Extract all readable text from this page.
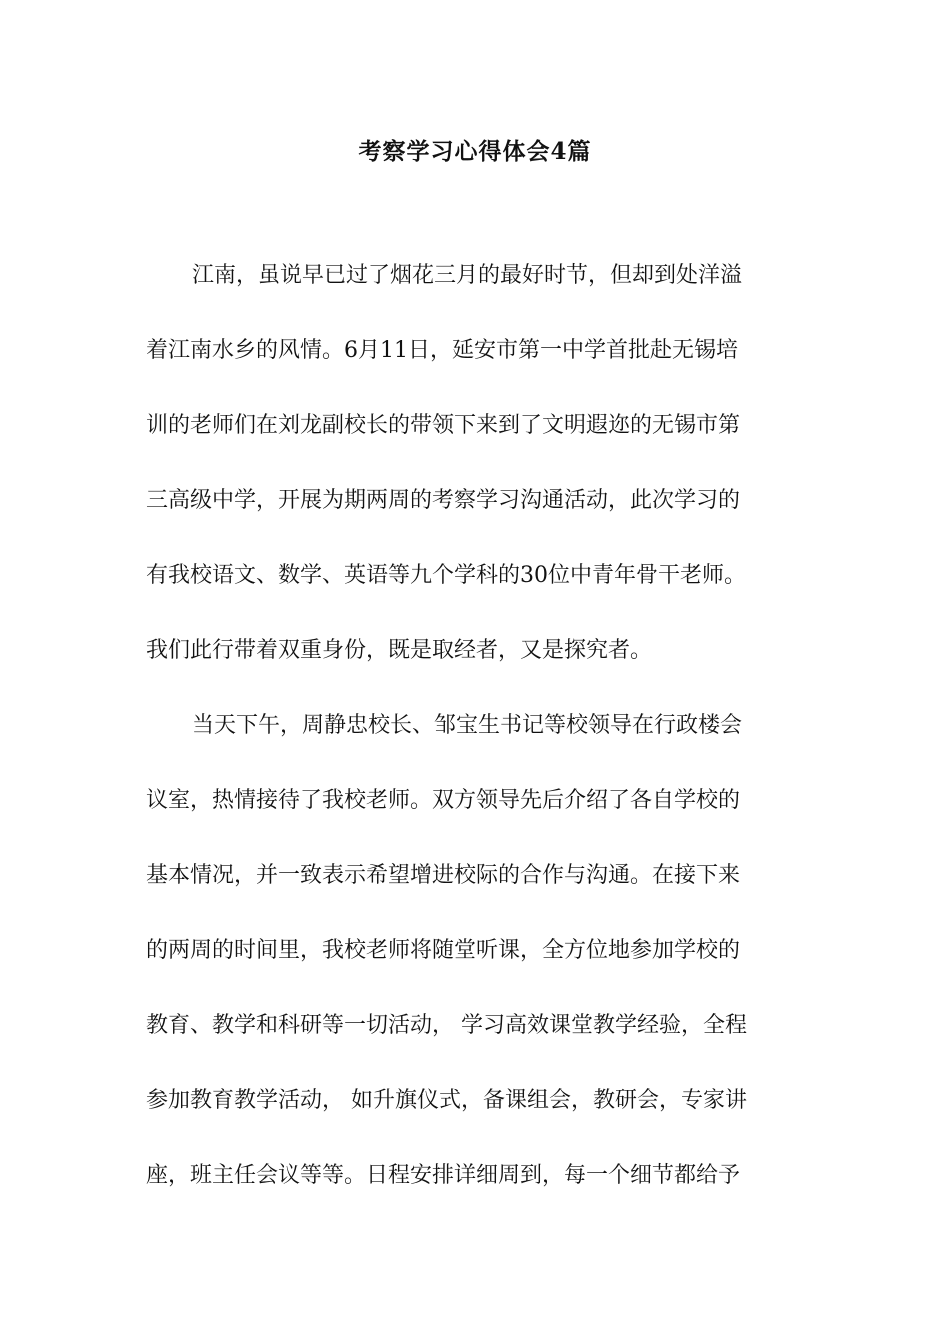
考察学习心得体会4篇
江南，虽说早已过了烟花三月的最好时节，但却到处洋溢
着江南水乡的风情。6月11日，延安市第一中学首批赴无锡培
训的老师们在刘龙副校长的带领下来到了文明遐迩的无锡市第
三高级中学，开展为期两周的考察学习沟通活动，此次学习的
有我校语文、数学、英语等九个学科的30位中青年骨干老师。
我们此行带着双重身份，既是取经者，又是探究者。
当天下午，周静忠校长、邹宝生书记等校领导在行政楼会
议室，热情接待了我校老师。双方领导先后介绍了各自学校的
基本情况，并一致表示希望增进校际的合作与沟通。在接下来
的两周的时间里，我校老师将随堂听课，全方位地参加学校的
教育、教学和科研等一切活动， 学习高效课堂教学经验，全程
参加教育教学活动， 如升旗仪式，备课组会，教研会，专家讲
座，班主任会议等等。日程安排详细周到，每一个细节都给予
